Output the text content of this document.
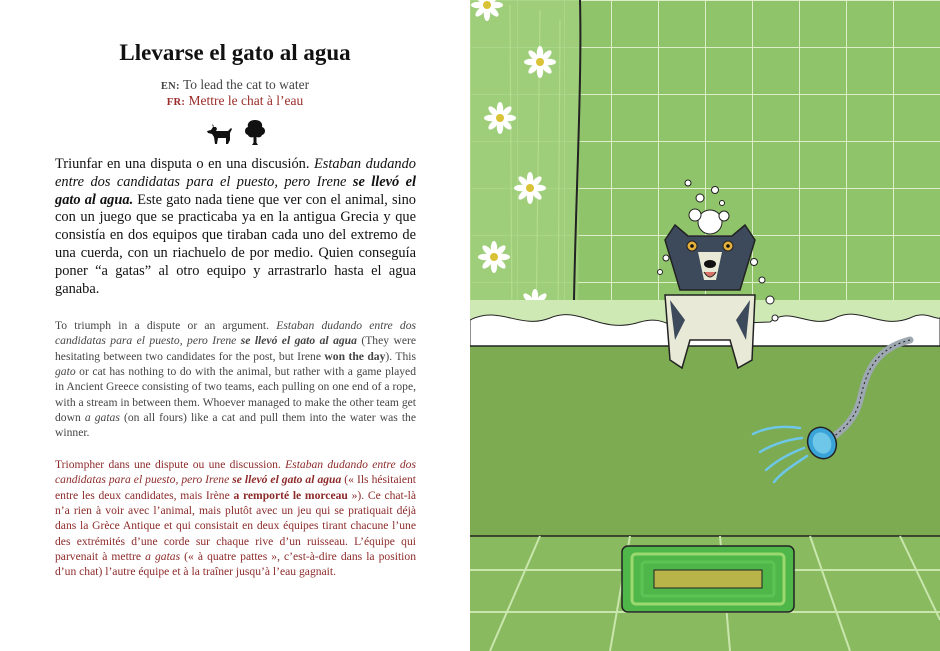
Llevarse el gato al agua
EN: To lead the cat to water
FR: Mettre le chat à l’eau

Triunfar en una disputa o en una discusión. Estaban dudando entre dos candidatas para el puesto, pero Irene se llevó el gato al agua. Este gato nada tiene que ver con el animal, sino con un juego que se practicaba ya en la antigua Grecia y que consistía en dos equipos que tiraban cada uno del extremo de una cuerda, con un riachuelo de por medio. Quien conseguía poner “a gatas” al otro equipo y arrastrarlo hasta el agua ganaba.

To triumph in a dispute or an argument. Estaban dudando entre dos candidatas para el puesto, pero Irene se llevó el gato al agua (They were hesitating between two candidates for the post, but Irene won the day). This gato or cat has nothing to do with the animal, but rather with a game played in Ancient Greece consisting of two teams, each pulling on one end of a rope, with a stream in between them. Whoever managed to make the other team get down a gatas (on all fours) like a cat and pull them into the water was the winner.

Triompher dans une dispute ou une discussion. Estaban dudando entre dos candidatas para el puesto, pero Irene se llevó el gato al agua (« Ils hésitaient entre les deux candidates, mais Irène a remporté le morceau »). Ce chat-là n’a rien à voir avec l’animal, mais plutôt avec un jeu qui se pratiquait déjà dans la Grèce Antique et qui consistait en deux équipes tirant chacune l’une des extrémités d’une corde sur chaque rive d’un ruisseau. L’équipe qui parvenait à mettre a gatas (« à quatre pattes », c’est-à-dire dans la position d’un chat) l’autre équipe et à la traîner jusqu’à l’eau gagnait.
